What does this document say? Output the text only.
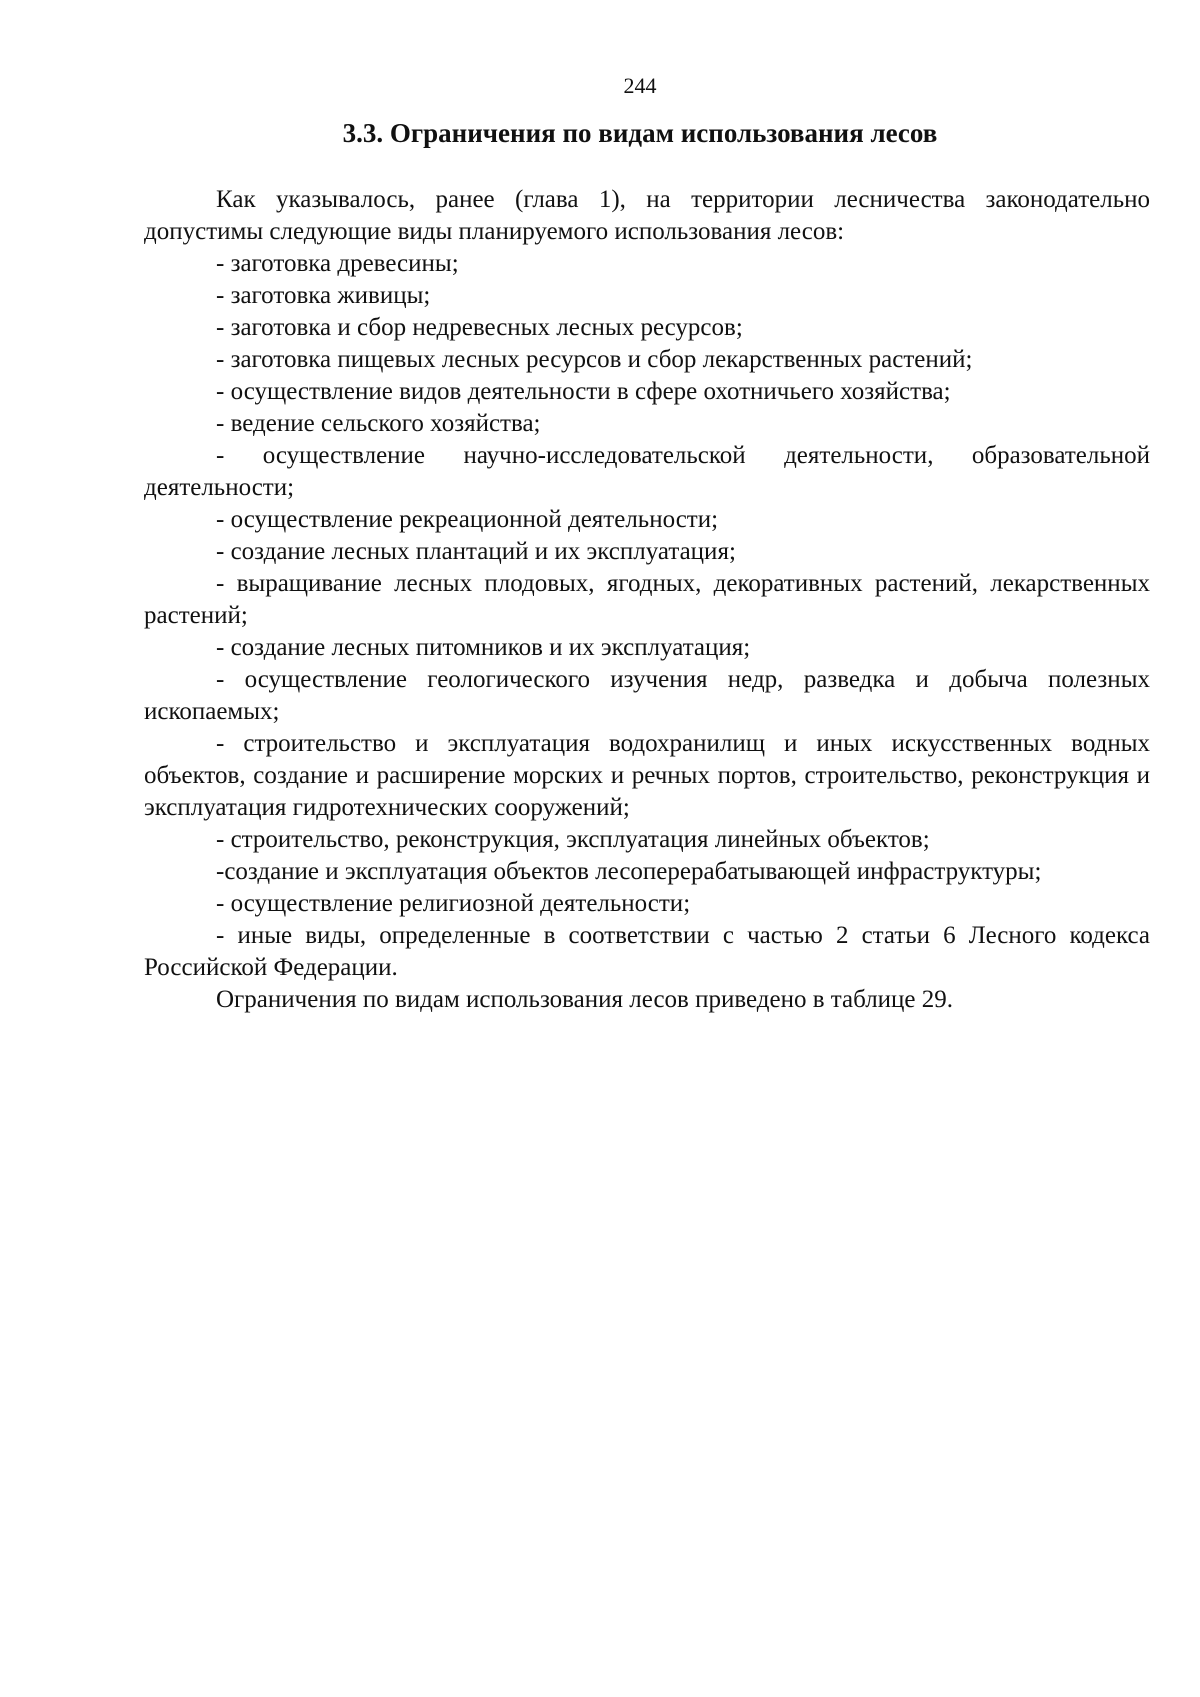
244
3.3. Ограничения по видам использования лесов

Как указывалось, ранее (глава 1), на территории лесничества законодательно допустимы следующие виды планируемого использования лесов:

- заготовка древесины;

- заготовка живицы;

- заготовка и сбор недревесных лесных ресурсов;

- заготовка пищевых лесных ресурсов и сбор лекарственных растений;

- осуществление видов деятельности в сфере охотничьего хозяйства;

- ведение сельского хозяйства;

- осуществление научно-исследовательской деятельности, образовательной деятельности;

- осуществление рекреационной деятельности;

- создание лесных плантаций и их эксплуатация;

- выращивание лесных плодовых, ягодных, декоративных растений, лекарственных растений;

- создание лесных питомников и их эксплуатация;

- осуществление геологического изучения недр, разведка и добыча полезных ископаемых;

- строительство и эксплуатация водохранилищ и иных искусственных водных объектов, создание и расширение морских и речных портов, строительство, реконструкция и эксплуатация гидротехнических сооружений;

- строительство, реконструкция, эксплуатация линейных объектов;

-создание и эксплуатация объектов лесоперерабатывающей инфраструктуры;

- осуществление религиозной деятельности;

- иные виды, определенные в соответствии с частью 2 статьи 6 Лесного кодекса Российской Федерации.

Ограничения по видам использования лесов приведено в таблице 29.
